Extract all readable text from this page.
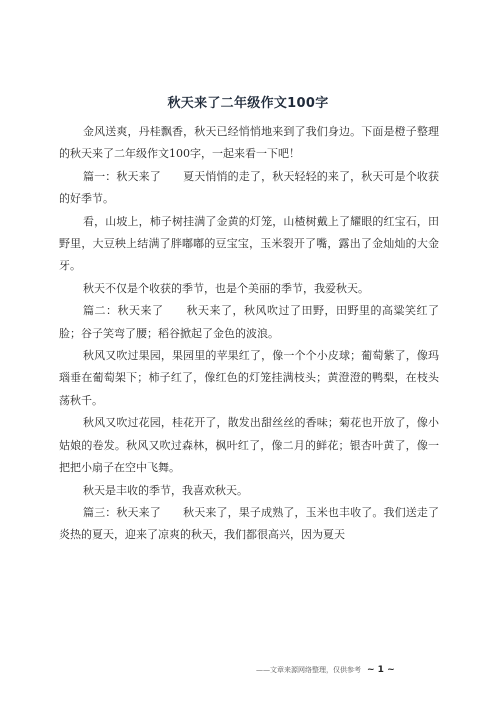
秋天来了二年级作文100字

金风送爽，丹桂飘香，秋天已经悄悄地来到了我们身边。下面是橙子整理的秋天来了二年级作文100字，一起来看一下吧！

篇一：秋天来了　　夏天悄悄的走了，秋天轻轻的来了，秋天可是个收获的好季节。

看，山坡上，柿子树挂满了金黄的灯笼，山楂树戴上了耀眼的红宝石，田野里，大豆秧上结满了胖嘟嘟的豆宝宝，玉米裂开了嘴，露出了金灿灿的大金牙。

秋天不仅是个收获的季节，也是个美丽的季节，我爱秋天。

篇二：秋天来了　　秋天来了，秋风吹过了田野，田野里的高粱笑红了脸；谷子笑弯了腰；稻谷掀起了金色的波浪。

秋风又吹过果园，果园里的苹果红了，像一个个小皮球；葡萄紫了，像玛瑙垂在葡萄架下；柿子红了，像红色的灯笼挂满枝头；黄澄澄的鸭梨，在枝头荡秋千。

秋风又吹过花园，桂花开了，散发出甜丝丝的香味；菊花也开放了，像小姑娘的卷发。秋风又吹过森林，枫叶红了，像二月的鲜花；银杏叶黄了，像一把把小扇子在空中飞舞。

秋天是丰收的季节，我喜欢秋天。

篇三：秋天来了　　秋天来了，果子成熟了，玉米也丰收了。我们送走了炎热的夏天，迎来了凉爽的秋天，我们都很高兴，因为夏天

——文章来源网络整理，仅供参考 ~ 1 ~
